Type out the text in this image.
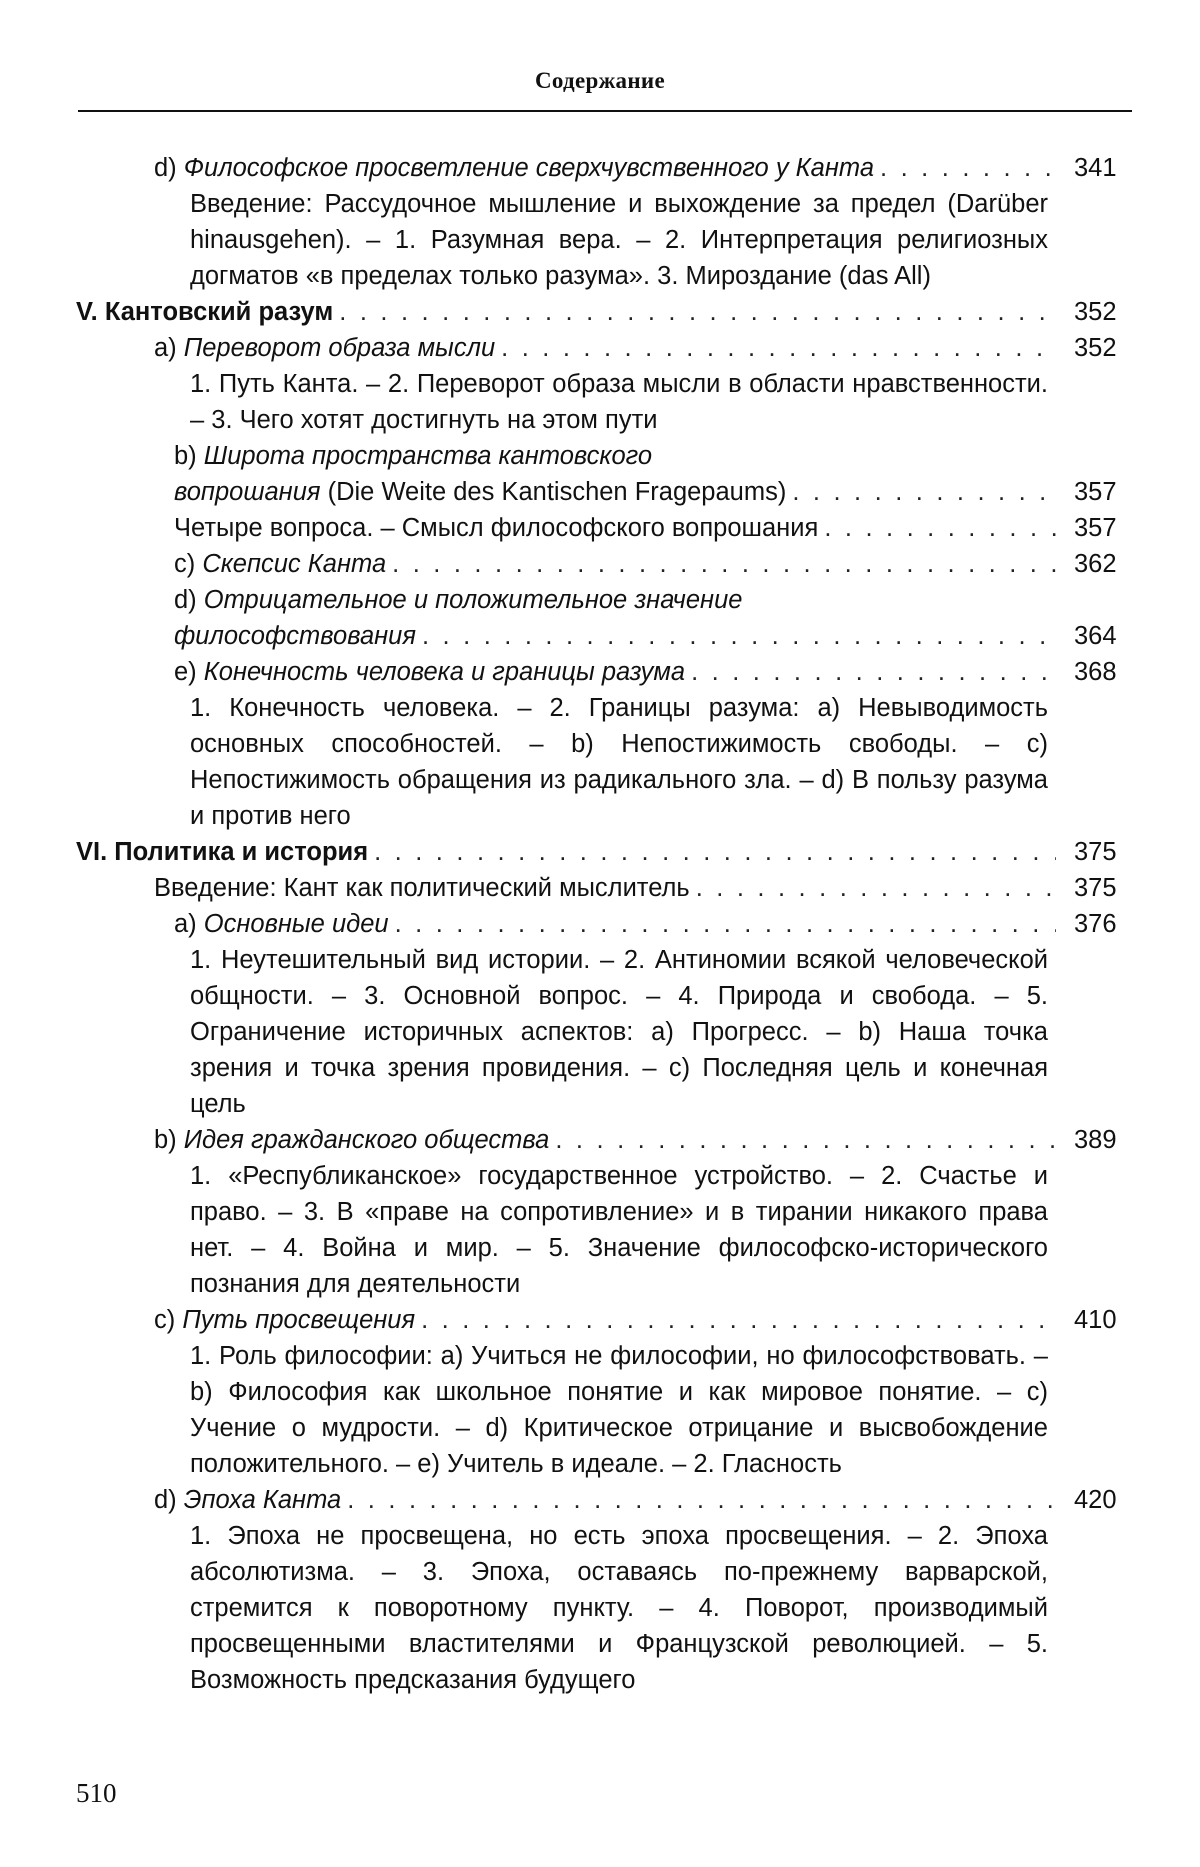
Содержание
d) Философское просветление сверхчувственного у Канта . . .	341
Введение: Рассудочное мышление и выхождение за предел (Darüber hinausgehen). – 1. Разумная вера. – 2. Интерпретация религиозных догматов «в пределах только разума». 3. Мироздание (das All)
V. Кантовский разум . . .	352
а) Переворот образа мысли . . .	352
1. Путь Канта. – 2. Переворот образа мысли в области нравственности. – 3. Чего хотят достигнуть на этом пути
b) Широта пространства кантовского
вопрошания (Die Weite des Kantischen Fragераums) . . .	357
Четыре вопроса. – Смысл философского вопрошания . . .	357
с) Скепсис Канта . . .	362
d) Отрицательное и положительное значение
философствования . . .	364
е) Конечность человека и границы разума . . .	368
1. Конечность человека. – 2. Границы разума: а) Невыводимость основных способностей. – b) Непостижимость свободы. – с) Непостижимость обращения из радикального зла. – d) В пользу разума и против него
VI. Политика и история . . .	375
Введение: Кант как политический мыслитель . . .	375
а) Основные идеи . . .	376
1. Неутешительный вид истории. – 2. Антиномии всякой человеческой общности. – 3. Основной вопрос. – 4. Природа и свобода. – 5. Ограничение историчных аспектов: а) Прогресс. – b) Наша точка зрения и точка зрения провидения. – с) Последняя цель и конечная цель
b) Идея гражданского общества . . .	389
1. «Республиканское» государственное устройство. – 2. Счастье и право. – 3. В «праве на сопротивление» и в тирании никакого права нет. – 4. Война и мир. – 5. Значение философско-исторического познания для деятельности
с) Путь просвещения . . .	410
1. Роль философии: а) Учиться не философии, но философствовать. – b) Философия как школьное понятие и как мировое понятие. – с) Учение о мудрости. – d) Критическое отрицание и высвобождение положительного. – е) Учитель в идеале. – 2. Гласность
d) Эпоха Канта . . .	420
1. Эпоха не просвещена, но есть эпоха просвещения. – 2. Эпоха абсолютизма. – 3. Эпоха, оставаясь по-прежнему варварской, стремится к поворотному пункту. – 4. Поворот, производимый просвещенными властителями и Французской революцией. – 5. Возможность предсказания будущего
510
